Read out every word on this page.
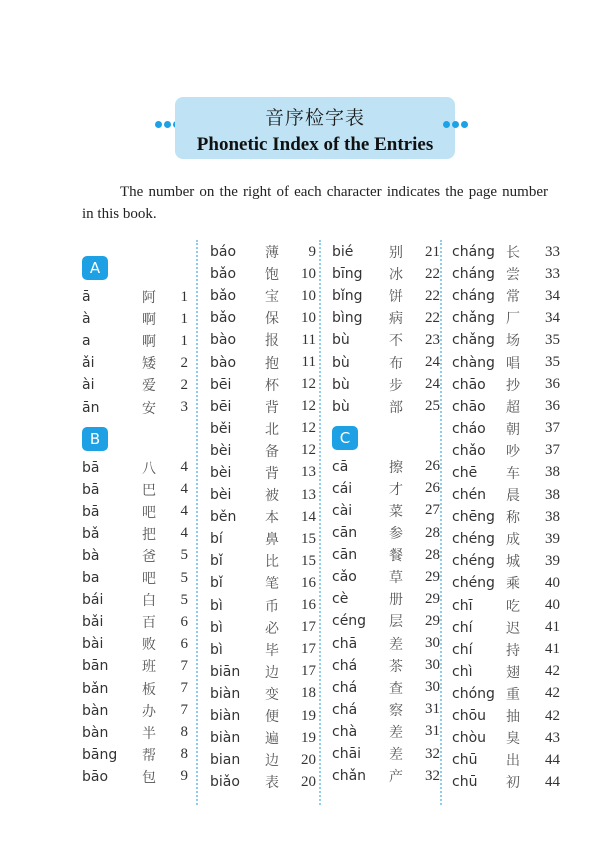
音序检字表
Phonetic Index of the Entries
The number on the right of each character indicates the page number in this book.
A
ā	阿	1
à	啊	1
a	啊	1
ǎi	矮	2
ài	爱	2
ān	安	3
B
bā	八	4
bā	巴	4
bā	吧	4
bǎ	把	4
bà	爸	5
ba	吧	5
bái	白	5
bǎi	百	6
bài	败	6
bān	班	7
bǎn	板	7
bàn	办	7
bàn	半	8
bāng	帮	8
bāo	包	9
báo	薄	9
bǎo	饱	10
bǎo	宝	10
bǎo	保	10
bào	报	11
bào	抱	11
bēi	杯	12
bēi	背	12
běi	北	12
bèi	备	12
bèi	背	13
bèi	被	13
běn	本	14
bí	鼻	15
bǐ	比	15
bǐ	笔	16
bì	币	16
bì	必	17
bì	毕	17
biān	边	17
biàn	变	18
biàn	便	19
biàn	遍	19
bian	边	20
biǎo	表	20
bié	别	21
bīng	冰	22
bǐng	饼	22
bìng	病	22
bù	不	23
bù	布	24
bù	步	24
bù	部	25
C
cā	擦	26
cái	才	26
cài	菜	27
cān	参	28
cān	餐	28
cǎo	草	29
cè	册	29
céng	层	29
chā	差	30
chá	茶	30
chá	查	30
chá	察	31
chà	差	31
chāi	差	32
chǎn	产	32
cháng 长	33
cháng 尝	33
cháng 常	34
chǎng 厂	34
chǎng 场	35
chàng 唱	35
chāo	抄	36
chāo	超	36
cháo	朝	37
chǎo	吵	37
chē	车	38
chén	晨	38
chēng 称	38
chéng 成	39
chéng 城	39
chéng 乘	40
chī	吃	40
chí	迟	41
chí	持	41
chì	翅	42
chóng 重	42
chōu	抽	42
chòu	臭	43
chū	出	44
chū	初	44
